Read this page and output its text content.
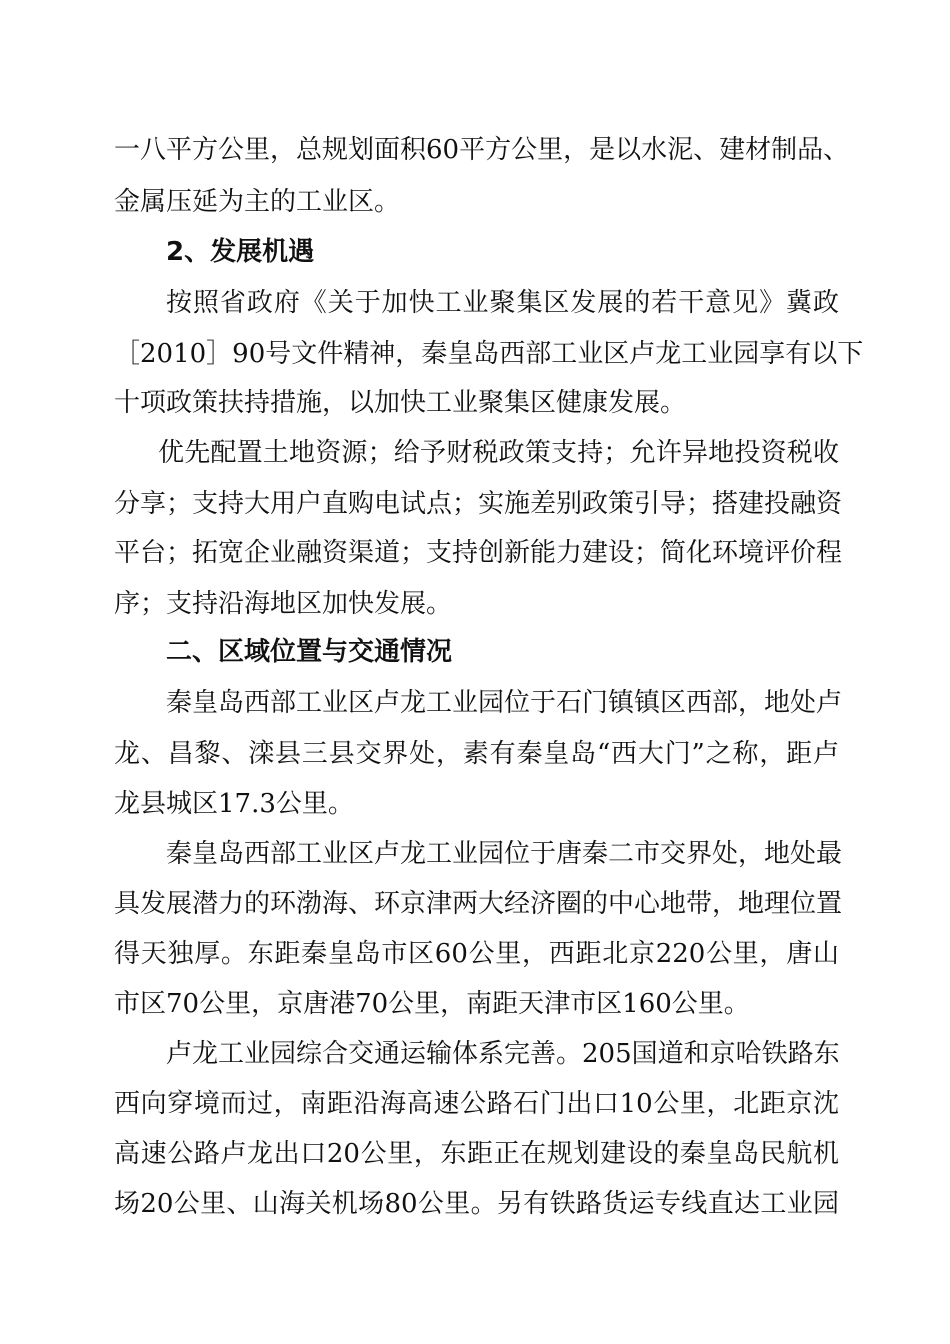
一八平方公里，总规划面积60平方公里，是以水泥、建材制品、
金属压延为主的工业区。
2、发展机遇
按照省政府《关于加快工业聚集区发展的若干意见》冀政
［2010］90号文件精神，秦皇岛西部工业区卢龙工业园享有以下
十项政策扶持措施，以加快工业聚集区健康发展。
优先配置土地资源；给予财税政策支持；允许异地投资税收
分享；支持大用户直购电试点；实施差别政策引导；搭建投融资
平台；拓宽企业融资渠道；支持创新能力建设；简化环境评价程
序；支持沿海地区加快发展。
二、区域位置与交通情况
秦皇岛西部工业区卢龙工业园位于石门镇镇区西部，地处卢
龙、昌黎、滦县三县交界处，素有秦皇岛“西大门”之称，距卢
龙县城区17.3公里。
秦皇岛西部工业区卢龙工业园位于唐秦二市交界处，地处最
具发展潜力的环渤海、环京津两大经济圈的中心地带，地理位置
得天独厚。东距秦皇岛市区60公里，西距北京220公里，唐山
市区70公里，京唐港70公里，南距天津市区160公里。
卢龙工业园综合交通运输体系完善。205国道和京哈铁路东
西向穿境而过，南距沿海高速公路石门出口10公里，北距京沈
高速公路卢龙出口20公里，东距正在规划建设的秦皇岛民航机
场20公里、山海关机场80公里。另有铁路货运专线直达工业园
